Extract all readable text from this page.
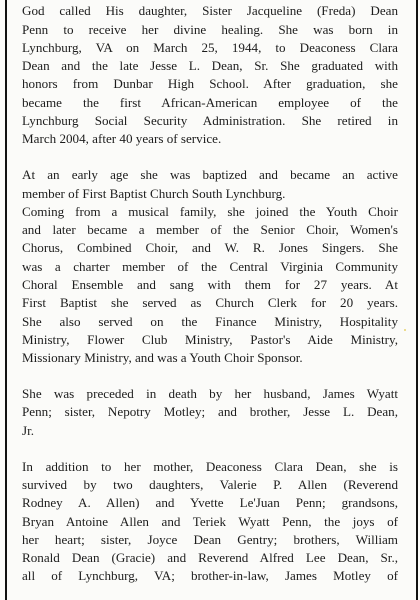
God called His daughter, Sister Jacqueline (Freda) Dean
Penn to receive her divine healing. She was born in
Lynchburg, VA on March 25, 1944, to Deaconess Clara
Dean and the late Jesse L. Dean, Sr. She graduated with
honors from Dunbar High School. After graduation, she
became the first African-American employee of the
Lynchburg Social Security Administration. She retired in
March 2004, after 40 years of service.
At an early age she was baptized and became an active
member of First Baptist Church South Lynchburg.
Coming from a musical family, she joined the Youth Choir
and later became a member of the Senior Choir, Women's
Chorus, Combined Choir, and W. R. Jones Singers. She
was a charter member of the Central Virginia Community
Choral Ensemble and sang with them for 27 years. At
First Baptist she served as Church Clerk for 20 years.
She also served on the Finance Ministry, Hospitality
Ministry, Flower Club Ministry, Pastor's Aide Ministry,
Missionary Ministry, and was a Youth Choir Sponsor.
She was preceded in death by her husband, James Wyatt
Penn; sister, Nepotry Motley; and brother, Jesse L. Dean,
Jr.
In addition to her mother, Deaconess Clara Dean, she is
survived by two daughters, Valerie P. Allen (Reverend
Rodney A. Allen) and Yvette Le'Juan Penn; grandsons,
Bryan Antoine Allen and Teriek Wyatt Penn, the joys of
her heart; sister, Joyce Dean Gentry; brothers, William
Ronald Dean (Gracie) and Reverend Alfred Lee Dean, Sr.,
all of Lynchburg, VA; brother-in-law, James Motley of
